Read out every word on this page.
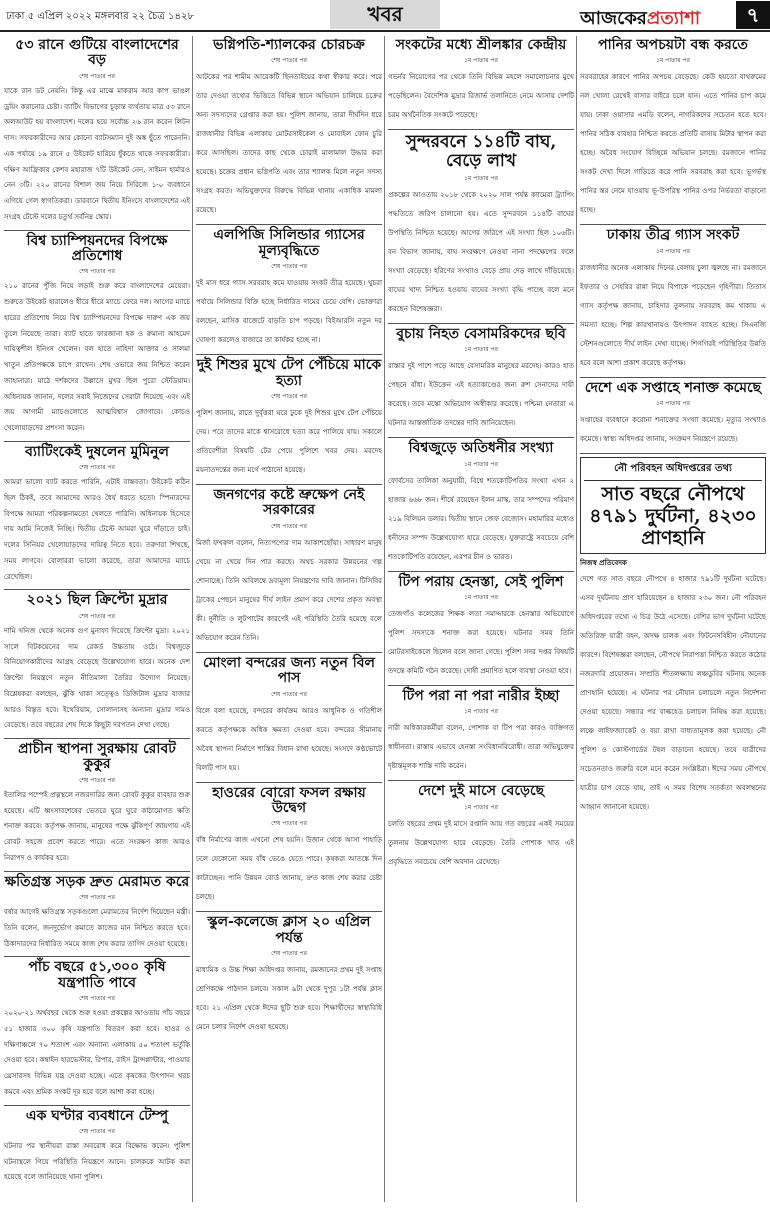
ঢাকা ৫ এপ্রিল ২০২২ মঙ্গলবার ২২ চৈত্র ১৪২৮	খবর	আজকেরপ্রত্যাশা	৭
৫৩ রানে গুটিয়ে বাংলাদেশের বড়
শেষ পাতার পর
যাকে রান ডট নেয়নি। কিন্তু এর মাঝে মাকরাম আর কাপ ভাঙল ড্রয়িং করানোর চেষ্টা। ব্যাটিং বিভাগের চূড়ান্ত ব্যর্থতায় মাত্র ৫৩ রানে অলআউট হয় বাংলাদেশ। দলের হয়ে সর্বোচ্চ ২৬ রান করেন লিটন দাস। সফরকারীদের আর কোনো ব্যাটসম্যান দুই অঙ্ক ছুঁতে পারেননি। এক পর্যায়ে ১৯ রানে ৫ উইকেট হারিয়ে ধুঁকতে থাকে সফরকারীরা। দক্ষিণ আফ্রিকার কেশব মহারাজ ৭টি উইকেট নেন, সাইমন হার্মারও নেন ৩টি। ২২০ রানের বিশাল জয় নিয়ে সিরিজে ১-০ ব্যবধানে এগিয়ে গেল স্বাগতিকরা। ডারবানে দ্বিতীয় ইনিংসে বাংলাদেশের এই সংগ্রহ টেস্টে দলের চতুর্থ সর্বনিম্ন স্কোর।
বিশ্ব চ্যাম্পিয়নদের বিপক্ষে প্রতিশোধ
শেষ পাতার পর
২১০ রানের পুঁজি নিয়ে লড়াই শুরু করে বাংলাদেশের মেয়েরা। শুরুতে উইকেট হারালেও ধীরে ধীরে ম্যাচে ফেরে দল। আগের ম্যাচে হারের প্রতিশোধ নিয়ে বিশ্ব চ্যাম্পিয়নদের বিপক্ষে দারুণ এক জয় তুলে নিয়েছে তারা। ব্যাট হাতে ফারজানা হক ও রুমানা আহমেদ দায়িত্বশীল ইনিংস খেলেন। বল হাতে নাহিদা আক্তার ও সালমা খাতুন প্রতিপক্ষকে চাপে রাখেন। শেষ ওভারে জয় নিশ্চিত করেন জাহানারা। মাঠে দর্শকদের উল্লাসে মুখর ছিল পুরো স্টেডিয়াম। অধিনায়ক জানান, দলের সবাই নিজেদের সেরাটা দিয়েছে এবং এই জয় আগামী ম্যাচগুলোতে আত্মবিশ্বাস জোগাবে। কোচও খেলোয়াড়দের প্রশংসা করেন।
ব্যাটিংকেই দুষলেন মুমিনুল
শেষ পাতার পর
আমরা ভালো ব্যাট করতে পারিনি, এটাই বাস্তবতা। উইকেট কঠিন ছিল ঠিকই, তবে আমাদের আরও ধৈর্য ধরতে হতো। স্পিনারদের বিপক্ষে আমরা পরিকল্পনামতো খেলতে পারিনি। অধিনায়ক হিসেবে দায় আমি নিজেই নিচ্ছি। দ্বিতীয় টেস্টে আমরা ঘুরে দাঁড়াতে চাই। দলের সিনিয়র খেলোয়াড়দের দায়িত্ব নিতে হবে। তরুণরা শিখছে, সময় লাগবে। বোলাররা ভালো করেছে, তারা আমাদের ম্যাচে রেখেছিল।
২০২১ ছিল ক্রিপ্টো মুদ্রার
শেষ পাতার পর
দামি খনিজ থেকে অনেক গুণ মুনাফা দিয়েছে ক্রিপ্টো মুদ্রা। ২০২১ সালে বিটকয়েনের দাম রেকর্ড উচ্চতায় ওঠে। বিশ্বজুড়ে বিনিয়োগকারীদের আগ্রহ বেড়েছে উল্লেখযোগ্য হারে। অনেক দেশ ক্রিপ্টো নিয়ন্ত্রণে নতুন নীতিমালা তৈরির উদ্যোগ নিয়েছে। বিশ্লেষকরা বলছেন, ঝুঁকি থাকা সত্ত্বেও ডিজিটাল মুদ্রার বাজার আরও বিস্তৃত হবে। ইথেরিয়াম, সোলানাসহ অন্যান্য মুদ্রার দামও বেড়েছে। তবে বছরের শেষ দিকে কিছুটা দরপতন দেখা গেছে।
প্রাচীন স্থাপনা সুরক্ষায় রোবট কুকুর
শেষ পাতার পর
ইতালির পম্পেই প্রত্নস্থলে নজরদারির জন্য রোবট কুকুর ব্যবহার শুরু হয়েছে। এটি ধ্বংসাবশেষের ভেতরে ঘুরে ঘুরে কাঠামোগত ক্ষতি শনাক্ত করবে। কর্তৃপক্ষ জানায়, মানুষের পক্ষে ঝুঁকিপূর্ণ জায়গায় এই রোবট সহজে প্রবেশ করতে পারে। এতে সংরক্ষণ কাজ আরও নিরাপদ ও কার্যকর হবে।
ক্ষতিগ্রস্ত সড়ক দ্রুত মেরামত করে
শেষ পাতার পর
বর্ষার আগেই ক্ষতিগ্রস্ত সড়কগুলো মেরামতের নির্দেশ দিয়েছেন মন্ত্রী। তিনি বলেন, জনদুর্ভোগ কমাতে কাজের মান নিশ্চিত করতে হবে। ঠিকাদারদের নির্ধারিত সময়ে কাজ শেষ করার তাগিদ দেওয়া হয়েছে।
পাঁচ বছরে ৫১,৩০০ কৃষি যন্ত্রপাতি পাবে
শেষ পাতার পর
২০২০-২১ অর্থবছর থেকে শুরু হওয়া প্রকল্পের আওতায় পাঁচ বছরে ৫১ হাজার ৩০০ কৃষি যন্ত্রপাতি বিতরণ করা হবে। হাওর ও দক্ষিণাঞ্চলে ৭০ শতাংশ এবং অন্যান্য এলাকায় ৫০ শতাংশ ভর্তুকি দেওয়া হবে। কম্বাইন হারভেস্টার, রিপার, রাইস ট্রান্সপ্লান্টার, পাওয়ার থ্রেসারসহ বিভিন্ন যন্ত্র দেওয়া হচ্ছে। এতে কৃষকের উৎপাদন খরচ কমবে এবং শ্রমিক সংকট দূর হবে বলে আশা করা হচ্ছে।
এক ঘণ্টার ব্যবধানে টেম্পু
শেষ পাতার পর
ঘটনার পর স্থানীয়রা রাস্তা অবরোধ করে বিক্ষোভ করেন। পুলিশ ঘটনাস্থলে গিয়ে পরিস্থিতি নিয়ন্ত্রণে আনে। চালককে আটক করা হয়েছে বলে জানিয়েছে থানা পুলিশ।
ভগ্নিপতি-শ্যালকের চোরচক্র
শেষ পাতার পর
আটকের পর শামীম আরেকটি ছিনতাইয়ের কথা স্বীকার করে। পরে তার দেওয়া তথ্যের ভিত্তিতে বিভিন্ন স্থানে অভিযান চালিয়ে চক্রের অন্য সদস্যদের গ্রেপ্তার করা হয়। পুলিশ জানায়, তারা দীর্ঘদিন ধরে রাজধানীর বিভিন্ন এলাকায় মোটরসাইকেল ও মোবাইল ফোন চুরি করে আসছিল। তাদের কাছ থেকে চোরাই মালামাল উদ্ধার করা হয়েছে। চক্রের প্রধান ভগ্নিপতি এবং তার শ্যালক মিলে নতুন সদস্য সংগ্রহ করত। অভিযুক্তদের বিরুদ্ধে বিভিন্ন থানায় একাধিক মামলা রয়েছে।
এলপিজি সিলিন্ডার গ্যাসের মূল্যবৃদ্ধিতে
শেষ পাতার পর
দুই মাস ধরে গ্যাস সরবরাহ কমে যাওয়ায় সংকট তীব্র হয়েছে। খুচরা পর্যায়ে সিলিন্ডার বিক্রি হচ্ছে নির্ধারিত দামের চেয়ে বেশি। ভোক্তারা বলছেন, মাসিক বাজেটে বাড়তি চাপ পড়ছে। বিইআরসি নতুন দর ঘোষণা করলেও বাজারে তা কার্যকর হচ্ছে না।
দুই শিশুর মুখে টেপ পেঁচিয়ে মাকে হত্যা
শেষ পাতার পর
পুলিশ জানায়, রাতে দুর্বৃত্তরা ঘরে ঢুকে দুই শিশুর মুখে টেপ পেঁচিয়ে দেয়। পরে তাদের মাকে শ্বাসরোধে হত্যা করে পালিয়ে যায়। সকালে প্রতিবেশীরা বিষয়টি টের পেয়ে পুলিশে খবর দেয়। মরদেহ ময়নাতদন্তের জন্য মর্গে পাঠানো হয়েছে।
জনগণের কষ্টে ভ্রুক্ষেপ নেই সরকারের
শেষ পাতার পর
মির্জা ফখরুল বলেন, নিত্যপণ্যের দাম আকাশছোঁয়া। সাধারণ মানুষ খেয়ে না খেয়ে দিন পার করছে। অথচ সরকার উন্নয়নের গল্প শোনাচ্ছে। তিনি অবিলম্বে দ্রব্যমূল্য নিয়ন্ত্রণের দাবি জানান। টিসিবির ট্রাকের পেছনে মানুষের দীর্ঘ লাইন প্রমাণ করে দেশের প্রকৃত অবস্থা কী। দুর্নীতি ও লুটপাটের কারণেই এই পরিস্থিতি তৈরি হয়েছে বলে অভিযোগ করেন তিনি।
মোংলা বন্দরের জন্য নতুন বিল পাস
শেষ পাতার পর
বিলে বলা হয়েছে, বন্দরের কার্যক্রম আরও আধুনিক ও গতিশীল করতে কর্তৃপক্ষকে অধিক ক্ষমতা দেওয়া হবে। বন্দরের সীমানায় অবৈধ স্থাপনা নির্মাণে শাস্তির বিধান রাখা হয়েছে। সংসদে কণ্ঠভোটে বিলটি পাস হয়।
হাওরের বোরো ফসল রক্ষায় উদ্বেগ
শেষ পাতার পর
বাঁধ নির্মাণের কাজ এখনো শেষ হয়নি। উজান থেকে আসা পাহাড়ি ঢলে যেকোনো সময় বাঁধ ভেঙে যেতে পারে। কৃষকরা আতঙ্কে দিন কাটাচ্ছেন। পানি উন্নয়ন বোর্ড জানায়, দ্রুত কাজ শেষ করার চেষ্টা চলছে।
স্কুল-কলেজে ক্লাস ২০ এপ্রিল পর্যন্ত
শেষ পাতার পর
মাধ্যমিক ও উচ্চ শিক্ষা অধিদপ্তর জানায়, রমজানের প্রথম দুই সপ্তাহ শ্রেণিকক্ষে পাঠদান চলবে। সকাল ৯টা থেকে দুপুর ১টা পর্যন্ত ক্লাস হবে। ২১ এপ্রিল থেকে ঈদের ছুটি শুরু হবে। শিক্ষার্থীদের স্বাস্থ্যবিধি মেনে চলার নির্দেশ দেওয়া হয়েছে।
সংকটের মধ্যে শ্রীলঙ্কার কেন্দ্রীয়
১ম পাতার পর
গভর্নর নিয়োগের পর থেকে তিনি বিভিন্ন মহলে সমালোচনার মুখে পড়েছিলেন। বৈদেশিক মুদ্রার রিজার্ভ তলানিতে নেমে আসায় দেশটি চরম অর্থনৈতিক সংকটে পড়েছে।
সুন্দরবনে ১১৪টি বাঘ, বেড়ে লাখ
১ম পাতার পর
প্রকল্পের আওতায় ২০১৮ থেকে ২০২০ সাল পর্যন্ত ক্যামেরা ট্র্যাপিং পদ্ধতিতে জরিপ চালানো হয়। এতে সুন্দরবনে ১১৪টি বাঘের উপস্থিতি নিশ্চিত হয়েছে। আগের জরিপে এই সংখ্যা ছিল ১০৬টি। বন বিভাগ জানায়, বাঘ সংরক্ষণে নেওয়া নানা পদক্ষেপের ফলে সংখ্যা বেড়েছে। হরিণের সংখ্যাও বেড়ে প্রায় দেড় লাখে দাঁড়িয়েছে। বাঘের খাদ্য নিশ্চিত হওয়ায় বাঘের সংখ্যা বৃদ্ধি পাচ্ছে বলে মনে করছেন বিশেষজ্ঞরা।
বুচায় নিহত বেসামরিকদের ছবি
১ম পাতার পর
রাস্তার দুই পাশে পড়ে আছে বেসামরিক মানুষের মরদেহ। কারও হাত পেছনে বাঁধা। ইউক্রেন এই হত্যাকাণ্ডের জন্য রুশ সেনাদের দায়ী করেছে। তবে মস্কো অভিযোগ অস্বীকার করেছে। পশ্চিমা নেতারা এ ঘটনার আন্তর্জাতিক তদন্তের দাবি জানিয়েছেন।
বিশ্বজুড়ে অতিধনীর সংখ্যা
১ম পাতার পর
ফোর্বসের তালিকা অনুযায়ী, বিশ্বে শতকোটিপতির সংখ্যা এখন ২ হাজার ৬৬৮ জন। শীর্ষে রয়েছেন ইলন মাস্ক, তার সম্পদের পরিমাণ ২১৯ বিলিয়ন ডলার। দ্বিতীয় স্থানে জেফ বেজোস। মহামারির মধ্যেও ধনীদের সম্পদ উল্লেখযোগ্য হারে বেড়েছে। যুক্তরাষ্ট্রে সবচেয়ে বেশি শতকোটিপতি রয়েছেন, এরপর চীন ও ভারত।
টিপ পরায় হেনস্তা, সেই পুলিশ
১ম পাতার পর
তেজগাঁও কলেজের শিক্ষক লতা সমাদ্দারকে হেনস্তার অভিযোগে পুলিশ সদস্যকে শনাক্ত করা হয়েছে। ঘটনার সময় তিনি মোটরসাইকেলে ছিলেন বলে জানা গেছে। পুলিশ সদর দপ্তর বিষয়টি তদন্তে কমিটি গঠন করেছে। দোষী প্রমাণিত হলে ব্যবস্থা নেওয়া হবে।
টিপ পরা না পরা নারীর ইচ্ছা
১ম পাতার পর
নারী অধিকারকর্মীরা বলেন, পোশাক বা টিপ পরা কারও ব্যক্তিগত স্বাধীনতা। রাস্তায় এভাবে হেনস্তা সংবিধানবিরোধী। তারা অভিযুক্তের দৃষ্টান্তমূলক শাস্তি দাবি করেন।
দেশে দুই মাসে বেড়েছে
১ম পাতার পর
চলতি বছরের প্রথম দুই মাসে রপ্তানি আয় গত বছরের একই সময়ের তুলনায় উল্লেখযোগ্য হারে বেড়েছে। তৈরি পোশাক খাত এই প্রবৃদ্ধিতে সবচেয়ে বেশি অবদান রেখেছে।
পানির অপচয়টা বন্ধ করতে
১ম পাতার পর
সরবরাহের কারণে পানির অপচয় বেড়েছে। কেউ হয়তো বাথরুমের নল খোলা রেখেই বাসার বাইরে চলে যান। এতে পানির চাপ কমে যায়। ঢাকা ওয়াসার এমডি বলেন, নাগরিকদের সচেতন হতে হবে। পানির সঠিক ব্যবহার নিশ্চিত করতে প্রতিটি বাসায় মিটার স্থাপন করা হচ্ছে। অবৈধ সংযোগ বিচ্ছিন্নে অভিযান চলছে। রমজানে পানির সংকট দেখা দিলে গাড়িতে করে পানি সরবরাহ করা হবে। ভূগর্ভস্থ পানির স্তর নেমে যাওয়ায় ভূ-উপরিস্থ পানির ওপর নির্ভরতা বাড়ানো হচ্ছে।
ঢাকায় তীব্র গ্যাস সংকট
১ম পাতার পর
রাজধানীর অনেক এলাকায় দিনের বেলায় চুলা জ্বলছে না। রমজানে ইফতার ও সেহরির রান্না নিয়ে বিপাকে পড়েছেন গৃহিণীরা। তিতাস গ্যাস কর্তৃপক্ষ জানায়, চাহিদার তুলনায় সরবরাহ কম থাকায় এ সমস্যা হচ্ছে। শিল্প কারখানায়ও উৎপাদন ব্যাহত হচ্ছে। সিএনজি স্টেশনগুলোতে দীর্ঘ লাইন দেখা যাচ্ছে। শিগগিরই পরিস্থিতির উন্নতি হবে বলে আশা প্রকাশ করেছে কর্তৃপক্ষ।
দেশে এক সপ্তাহে শনাক্ত কমেছে
১ম পাতার পর
সপ্তাহের ব্যবধানে করোনা শনাক্তের সংখ্যা কমেছে। মৃত্যুর সংখ্যাও কমেছে। স্বাস্থ্য অধিদপ্তর জানায়, সংক্রমণ নিয়ন্ত্রণে রয়েছে।
নৌ পরিবহন অধিদপ্তরের তথ্য
সাত বছরে নৌপথে ৪৭৯১ দুর্ঘটনা, ৪২৩০ প্রাণহানি
নিজস্ব প্রতিবেদক
দেশে গত সাত বছরে নৌপথে ৪ হাজার ৭৯১টি দুর্ঘটনা ঘটেছে। এসব দুর্ঘটনায় প্রাণ হারিয়েছেন ৪ হাজার ২৩০ জন। নৌ পরিবহন অধিদপ্তরের তথ্যে এ চিত্র উঠে এসেছে। বেশির ভাগ দুর্ঘটনা ঘটেছে অতিরিক্ত যাত্রী বহন, অদক্ষ চালক এবং ফিটনেসবিহীন নৌযানের কারণে। বিশেষজ্ঞরা বলছেন, নৌপথে নিরাপত্তা নিশ্চিত করতে কঠোর নজরদারি প্রয়োজন। সম্প্রতি শীতলক্ষ্যায় লঞ্চডুবির ঘটনায় অনেক প্রাণহানি হয়েছে। এ ঘটনার পর নৌযান চলাচলে নতুন নির্দেশনা দেওয়া হয়েছে। সন্ধ্যার পর বাল্কহেড চলাচল নিষিদ্ধ করা হয়েছে। লঞ্চে লাইফজ্যাকেট ও বয়া রাখা বাধ্যতামূলক করা হয়েছে। নৌ পুলিশ ও কোস্টগার্ডের টহল বাড়ানো হয়েছে। তবে যাত্রীদের সচেতনতাও জরুরি বলে মনে করেন সংশ্লিষ্টরা। ঈদের সময় নৌপথে যাত্রীর চাপ বেড়ে যায়, তাই এ সময় বিশেষ সতর্কতা অবলম্বনের আহ্বান জানানো হয়েছে।
